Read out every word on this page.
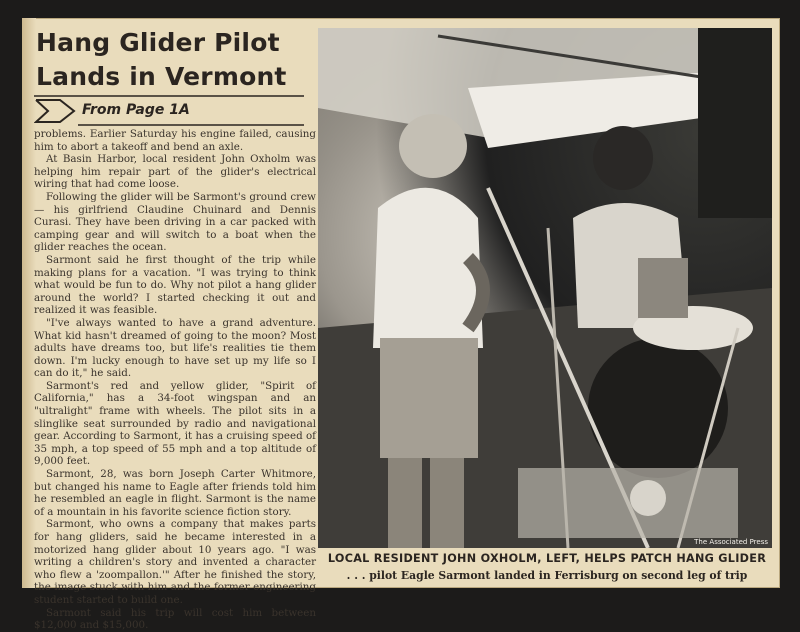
Hang Glider Pilot
Lands in Vermont
From Page 1A

problems. Earlier Saturday his engine failed, causing him to abort a takeoff and bend an axle.

At Basin Harbor, local resident John Oxholm was helping him repair part of the glider's electrical wiring that had come loose.

Following the glider will be Sarmont's ground crew — his girlfriend Claudine Chuinard and Dennis Curasi. They have been driving in a car packed with camping gear and will switch to a boat when the glider reaches the ocean.

Sarmont said he first thought of the trip while making plans for a vacation. "I was trying to think what would be fun to do. Why not pilot a hang glider around the world? I started checking it out and realized it was feasible.

"I've always wanted to have a grand adventure. What kid hasn't dreamed of going to the moon? Most adults have dreams too, but life's realities tie them down. I'm lucky enough to have set up my life so I can do it," he said.

Sarmont's red and yellow glider, "Spirit of California," has a 34-foot wingspan and an "ultralight" frame with wheels. The pilot sits in a slinglike seat surrounded by radio and navigational gear. According to Sarmont, it has a cruising speed of 35 mph, a top speed of 55 mph and a top altitude of 9,000 feet.

Sarmont, 28, was born Joseph Carter Whitmore, but changed his name to Eagle after friends told him he resembled an eagle in flight. Sarmont is the name of a mountain in his favorite science fiction story.

Sarmont, who owns a company that makes parts for hang gliders, said he became interested in a motorized hang glider about 10 years ago. "I was writing a children's story and invented a character who flew a 'zoompallon.'" After he finished the story, the image stuck with him and the former engineering student started to build one.

Sarmont said his trip will cost him between $12,000 and $15,000.

The Associated Press
LOCAL RESIDENT JOHN OXHOLM, LEFT, HELPS PATCH HANG GLIDER
. . . pilot Eagle Sarmont landed in Ferrisburg on second leg of trip
